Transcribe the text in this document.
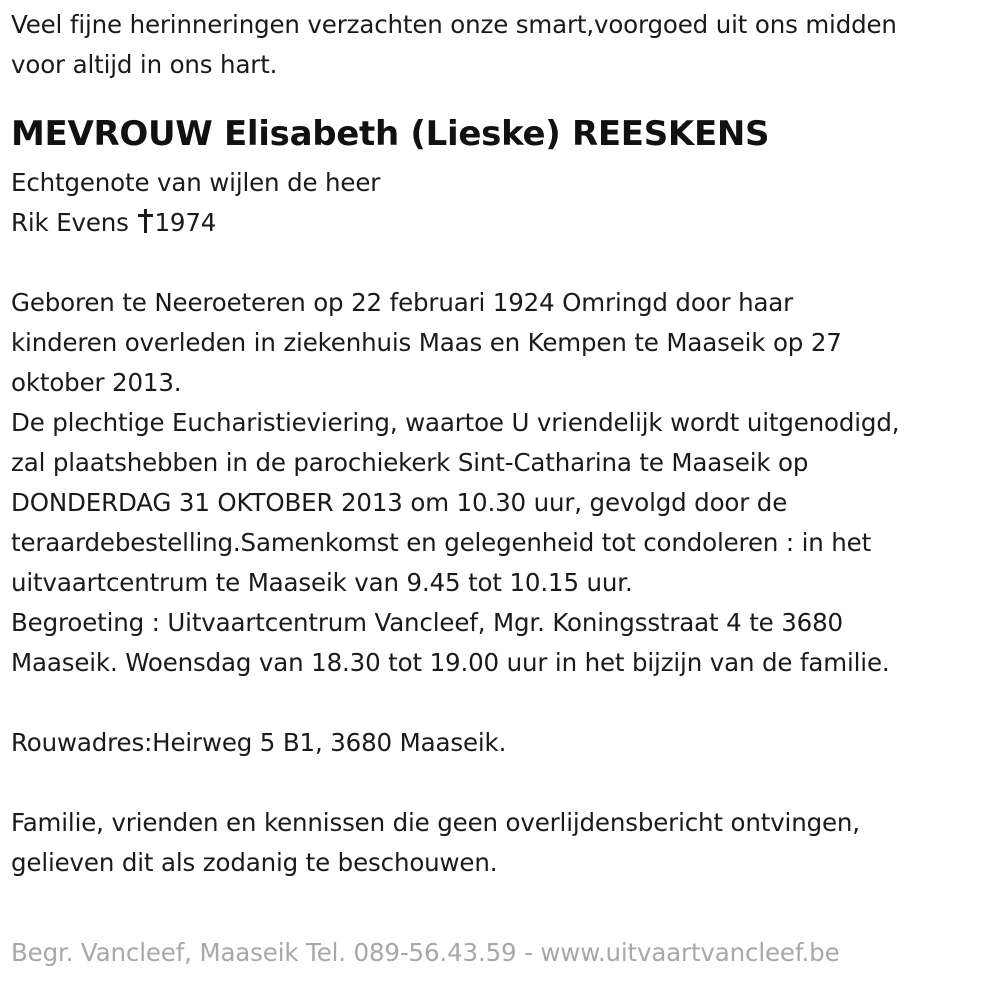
Veel fijne herinneringen verzachten onze smart,voorgoed uit ons midden
voor altijd in ons hart.
MEVROUW Elisabeth (Lieske) REESKENS
Echtgenote van wijlen de heer
Rik Evens 1974
Geboren te Neeroeteren op 22 februari 1924 Omringd door haar
kinderen overleden in ziekenhuis Maas en Kempen te Maaseik op 27
oktober 2013.
De plechtige Eucharistieviering, waartoe U vriendelijk wordt uitgenodigd,
zal plaatshebben in de parochiekerk Sint-Catharina te Maaseik op
DONDERDAG 31 OKTOBER 2013 om 10.30 uur, gevolgd door de
teraardebestelling.Samenkomst en gelegenheid tot condoleren : in het
uitvaartcentrum te Maaseik van 9.45 tot 10.15 uur.
Begroeting : Uitvaartcentrum Vancleef, Mgr. Koningsstraat 4 te 3680
Maaseik. Woensdag van 18.30 tot 19.00 uur in het bijzijn van de familie.
Rouwadres:Heirweg 5 B1, 3680 Maaseik.
Familie, vrienden en kennissen die geen overlijdensbericht ontvingen,
gelieven dit als zodanig te beschouwen.
Begr. Vancleef, Maaseik Tel. 089-56.43.59 - www.uitvaartvancleef.be
